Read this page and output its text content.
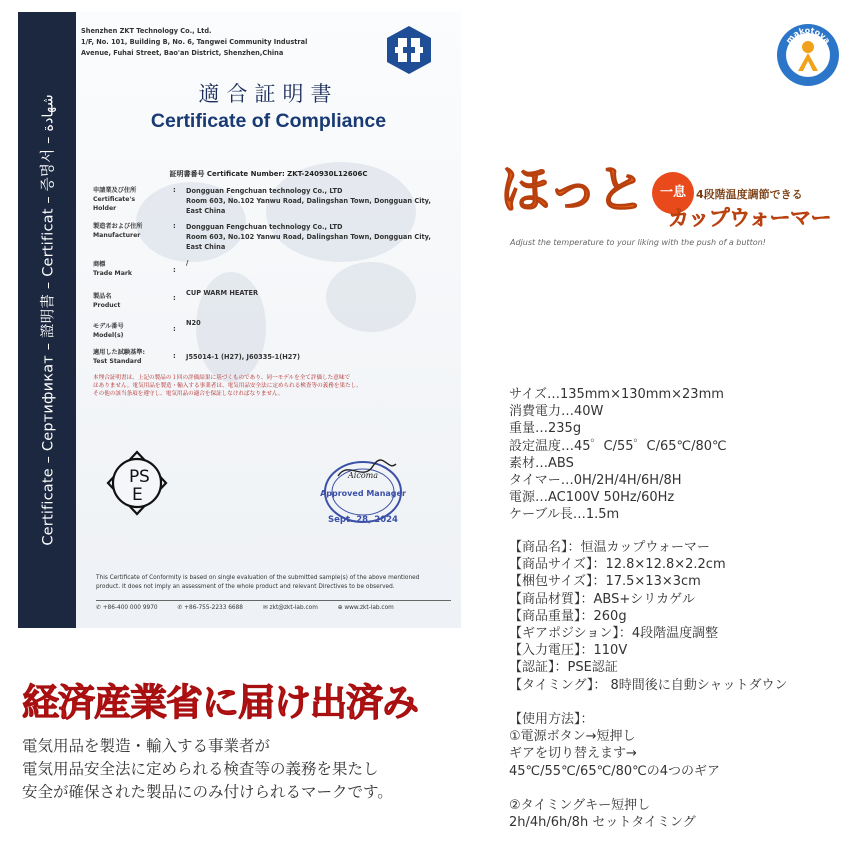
Certificate – Сертификат – 證明書 – Certificat – 증명서 – شهادة
Shenzhen ZKT Technology Co., Ltd.
1/F, No. 101, Building B, No. 6, Tangwei Community Industral
Avenue, Fuhai Street, Bao'an District, Shenzhen,China
適合証明書
Certificate of Compliance
証明書番号 Certificate Number: ZKT-240930L12606C
申請業及び住所
Certificate's
Holder
: Dongguan Fengchuan technology Co., LTD
Room 603, No.102 Yanwu Road, Dalingshan Town, Dongguan City,
East China
製造者および住所
Manufacturer
: Dongguan Fengchuan technology Co., LTD
Room 603, No.102 Yanwu Road, Dalingshan Town, Dongguan City,
East China
商標
Trade Mark	:
/
製品名
Product
:
CUP WARM HEATER
モデル番号
Model(s)
:
N20
適用した試験基準:
Test Standard
: J55014-1 (H27), J60335-1(H27)
本埋合証明書は、上記の製品の１回の評価結果に基づくものであり、同一モデルを全て評価した意味で
はありません。電気用品を製造・輸入する事業者は、電気用品安全法に定められる検査等の義務を果たし、
その他の該当条項を遵守し、電気用品の適合を保証しなければなりません。
P S
E
Aicoma
Approved Manager
Sept. 28, 2024
This Certificate of Conformity is based on single evaluation of the submitted sample(s) of the above mentioned
product. It does not imply an assessment of the whole product and relevant Directives to be observed.
✆ +86-400 000 9970	✆ +86-755-2233 6688	✉ zkt@zkt-lab.com	⊕ www.zkt-lab.com
makotoya
ほっと	一息 4段階温度調節できる
カップウォーマー
Adjust the temperature to your liking with the push of a button!
サイズ…135mm×130mm×23mm
消費電力…40W
重量…235g
設定温度…45゜C/55゜C/65℃/80℃
素材…ABS
タイマー…0H/2H/4H/6H/8H
電源…AC100V 50Hz/60Hz
ケーブル長…1.5m
【商品名】：恒温カップウォーマー
【商品サイズ】：12.8×12.8×2.2cm
【梱包サイズ】：17.5×13×3cm
【商品材質】：ABS+シリカゲル
【商品重量】：260g
【ギアポジション】：4段階温度調整
【入力電圧】：110V
【認証】：PSE認証
【タイミング】： 8時間後に自動シャットダウン
【使用方法】：
①電源ボタン→短押し
ギアを切り替えます→
45℃/55℃/65℃/80℃の4つのギア
②タイミングキー短押し
2h/4h/6h/8h セットタイミング
経済産業省に届け出済み
電気用品を製造・輸入する事業者が
電気用品安全法に定められる検査等の義務を果たし
安全が確保された製品にのみ付けられるマークです。
